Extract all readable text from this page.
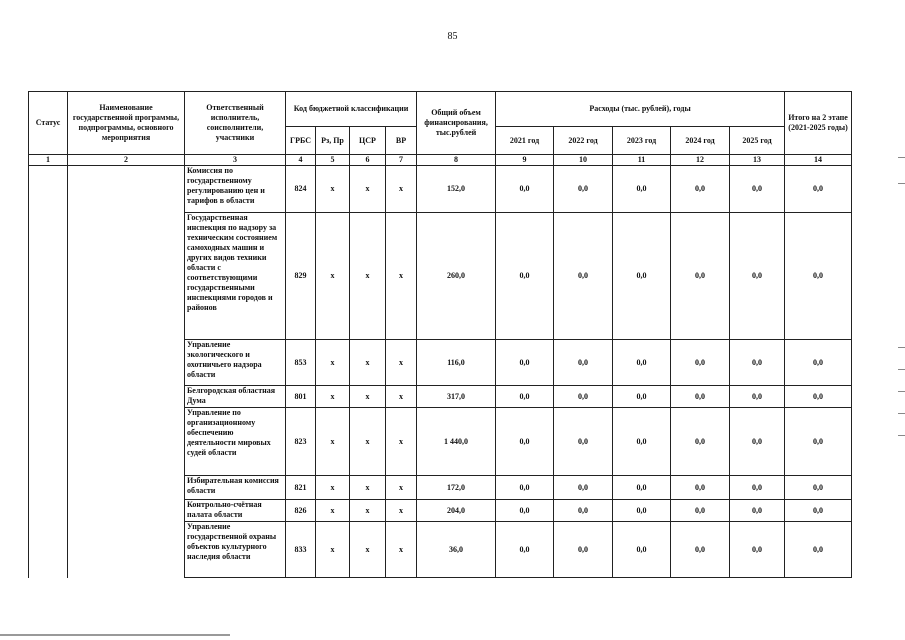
85
Статус	Наименование государственной программы, подпрограммы, основного мероприятия	Ответственный исполнитель, соисполнители, участники	Код бюджетной классификации				Общий объем финансирования, тыс.рублей	Расходы (тыс. рублей), годы					Итого на 2 этапе (2021-2025 годы)
			ГРБС	Рз, Пр	ЦСР	ВР		2021 год	2022 год	2023 год	2024 год	2025 год	
1	2	3	4	5	6	7	8	9	10	11	12	13	14
		Комиссия по государственному регулированию цен и тарифов в области	824	х	х	х	152,0	0,0	0,0	0,0	0,0	0,0	0,0
		Государственная инспекция по надзору за техническим состоянием самоходных машин и других видов техники области с соответствующими государственными инспекциями городов и районов	829	х	х	х	260,0	0,0	0,0	0,0	0,0	0,0	0,0
		Управление экологического и охотничьего надзора области	853	х	х	х	116,0	0,0	0,0	0,0	0,0	0,0	0,0
		Белгородская областная Дума	801	х	х	х	317,0	0,0	0,0	0,0	0,0	0,0	0,0
		Управление по организационному обеспечению деятельности мировых судей области	823	х	х	х	1 440,0	0,0	0,0	0,0	0,0	0,0	0,0
		Избирательная комиссия области	821	х	х	х	172,0	0,0	0,0	0,0	0,0	0,0	0,0
		Контрольно-счётная палата области	826	х	х	х	204,0	0,0	0,0	0,0	0,0	0,0	0,0
		Управление государственной охраны объектов культурного наследия области	833	х	х	х	36,0	0,0	0,0	0,0	0,0	0,0	0,0
